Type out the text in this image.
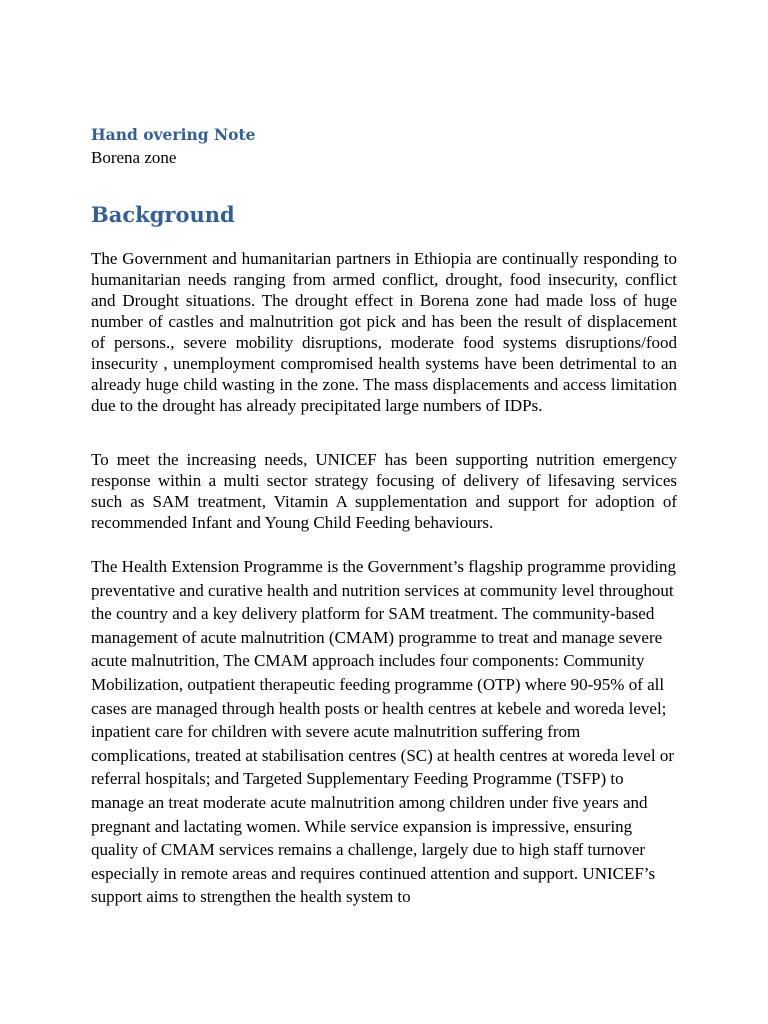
Hand overing Note

Borena zone

Background

The Government and humanitarian partners in Ethiopia are continually responding to humanitarian needs ranging from armed conflict, drought, food insecurity, conflict and Drought situations. The drought effect in Borena zone had made loss of huge number of castles and malnutrition got pick and has been the result of displacement of persons., severe mobility disruptions, moderate food systems disruptions/food insecurity , unemployment compromised health systems have been detrimental to an already huge child wasting in the zone. The mass displacements and access limitation due to the drought has already precipitated large numbers of IDPs.

To meet the increasing needs, UNICEF has been supporting nutrition emergency response within a multi sector strategy focusing of delivery of lifesaving services such as SAM treatment, Vitamin A supplementation and support for adoption of recommended Infant and Young Child Feeding behaviours.

The Health Extension Programme is the Government’s flagship programme providing preventative and curative health and nutrition services at community level throughout the country and a key delivery platform for SAM treatment. The community-based management of acute malnutrition (CMAM) programme to treat and manage severe acute malnutrition, The CMAM approach includes four components: Community Mobilization, outpatient therapeutic feeding programme (OTP) where 90-95% of all cases are managed through health posts or health centres at kebele and woreda level; inpatient care for children with severe acute malnutrition suffering from complications, treated at stabilisation centres (SC) at health centres at woreda level or referral hospitals; and Targeted Supplementary Feeding Programme (TSFP) to manage an treat moderate acute malnutrition among children under five years and pregnant and lactating women. While service expansion is impressive, ensuring quality of CMAM services remains a challenge, largely due to high staff turnover especially in remote areas and requires continued attention and support. UNICEF’s support aims to strengthen the health system to
